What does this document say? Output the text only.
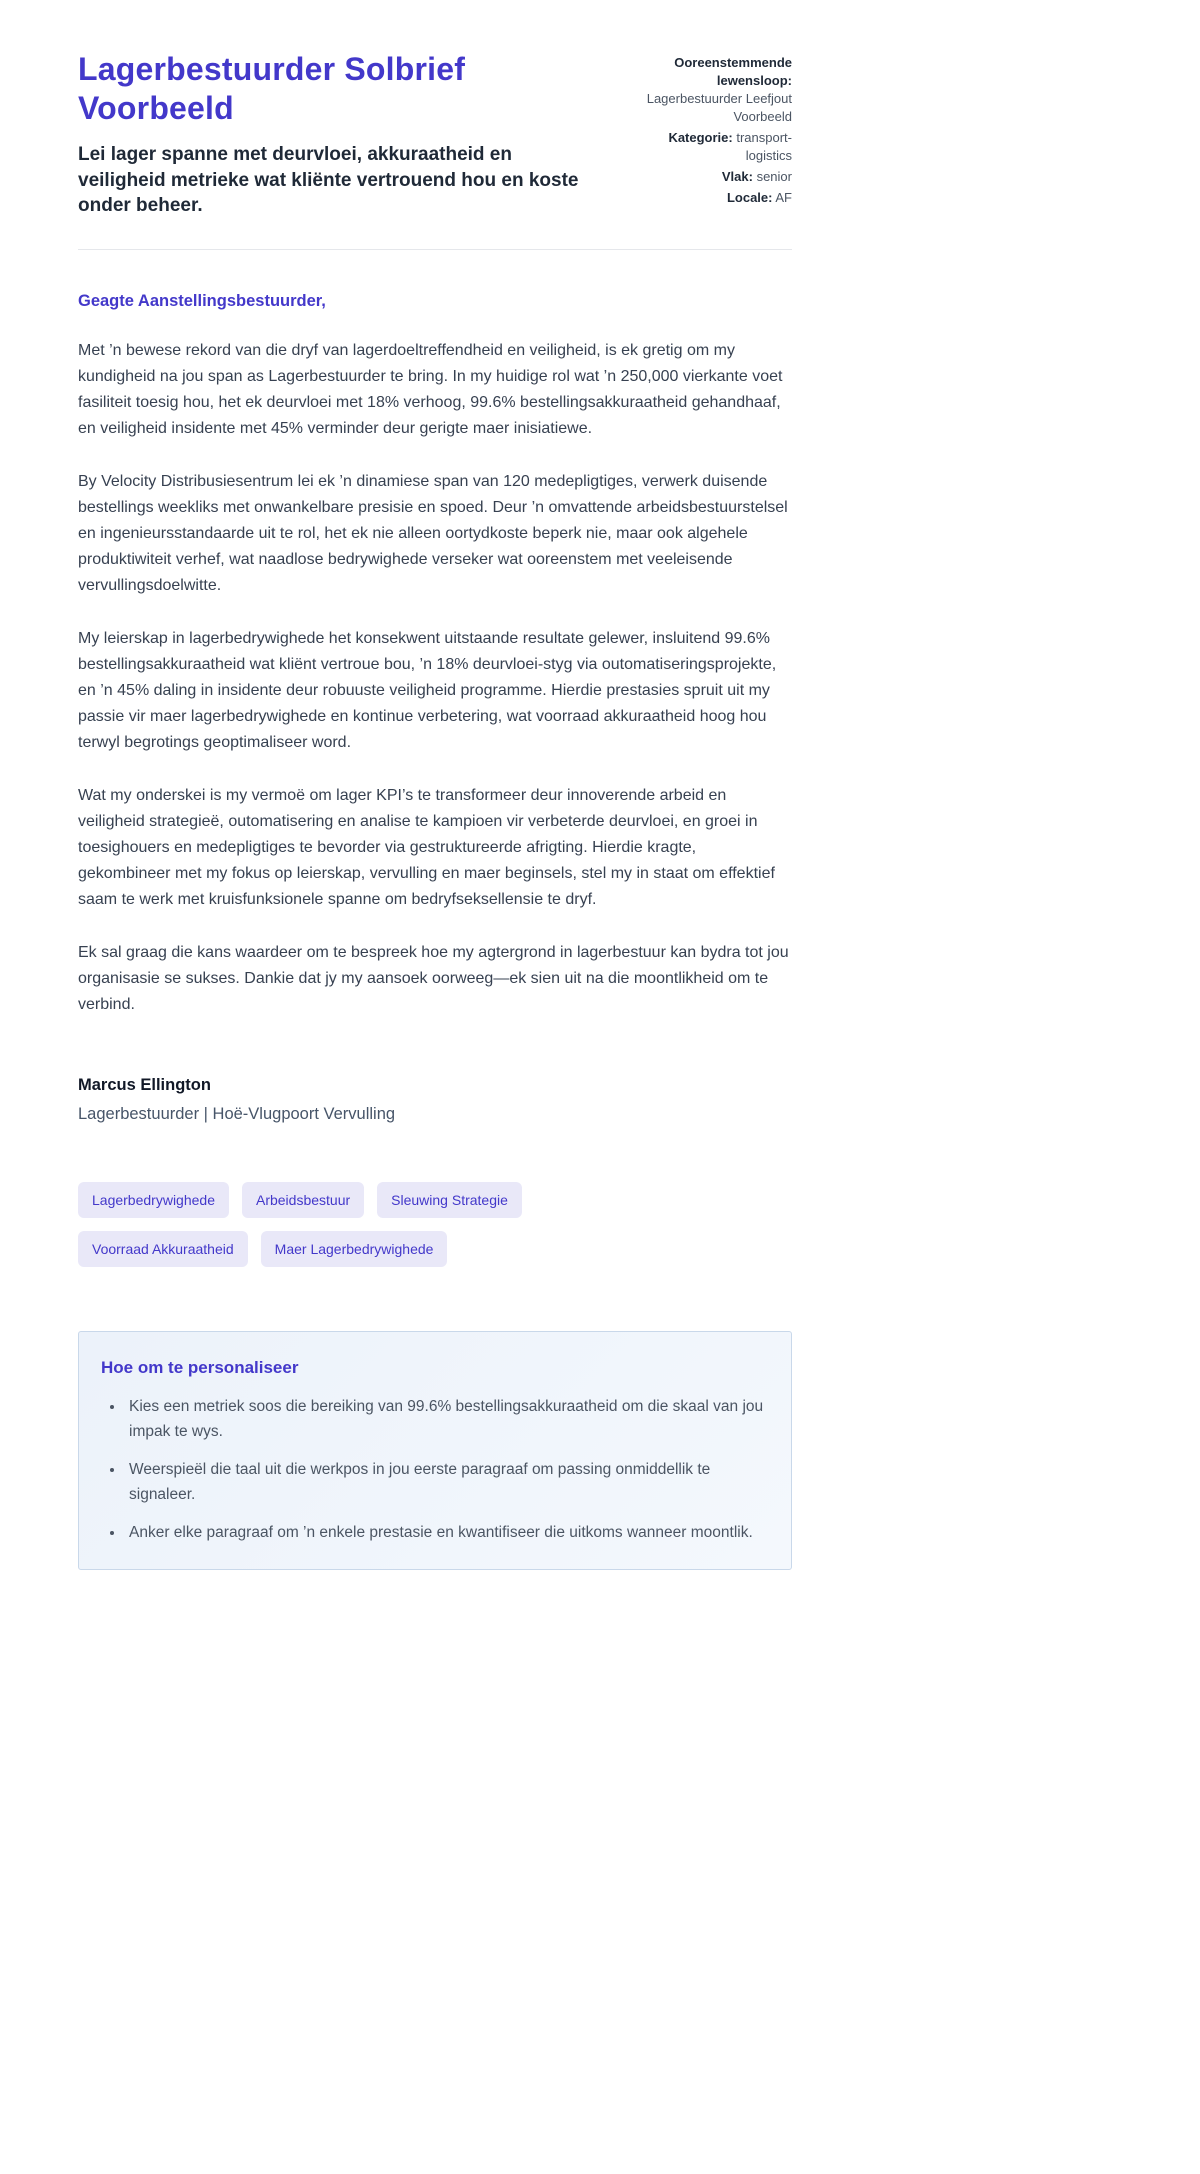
Lagerbestuurder Solbrief Voorbeeld
Lei lager spanne met deurvloei, akkuraatheid en veiligheid metrieke wat kliënte vertrouend hou en koste onder beheer.
Ooreenstemmende lewensloop: Lagerbestuurder Leefjout Voorbeeld
Kategorie: transport-logistics
Vlak: senior
Locale: AF
Geagte Aanstellingsbestuurder,

Met ’n bewese rekord van die dryf van lagerdoeltreffendheid en veiligheid, is ek gretig om my kundigheid na jou span as Lagerbestuurder te bring. In my huidige rol wat ’n 250,000 vierkante voet fasiliteit toesig hou, het ek deurvloei met 18% verhoog, 99.6% bestellingsakkuraatheid gehandhaaf, en veiligheid insidente met 45% verminder deur gerigte maer inisiatiewe.

By Velocity Distribusiesentrum lei ek ’n dinamiese span van 120 medepligtiges, verwerk duisende bestellings weekliks met onwankelbare presisie en spoed. Deur ’n omvattende arbeidsbestuurstelsel en ingenieursstandaarde uit te rol, het ek nie alleen oortydkoste beperk nie, maar ook algehele produktiwiteit verhef, wat naadlose bedrywighede verseker wat ooreenstem met veeleisende vervullingsdoelwitte.

My leierskap in lagerbedrywighede het konsekwent uitstaande resultate gelewer, insluitend 99.6% bestellingsakkuraatheid wat kliënt vertroue bou, ’n 18% deurvloei-styg via outomatiseringsprojekte, en ’n 45% daling in insidente deur robuuste veiligheid programme. Hierdie prestasies spruit uit my passie vir maer lagerbedrywighede en kontinue verbetering, wat voorraad akkuraatheid hoog hou terwyl begrotings geoptimaliseer word.

Wat my onderskei is my vermoë om lager KPI’s te transformeer deur innoverende arbeid en veiligheid strategieë, outomatisering en analise te kampioen vir verbeterde deurvloei, en groei in toesighouers en medepligtiges te bevorder via gestruktureerde afrigting. Hierdie kragte, gekombineer met my fokus op leierskap, vervulling en maer beginsels, stel my in staat om effektief saam te werk met kruisfunksionele spanne om bedryfseksellensie te dryf.

Ek sal graag die kans waardeer om te bespreek hoe my agtergrond in lagerbestuur kan bydra tot jou organisasie se sukses. Dankie dat jy my aansoek oorweeg—ek sien uit na die moontlikheid om te verbind.

Marcus Ellington
Lagerbestuurder | Hoë-Vlugpoort Vervulling
Lagerbedrywighede	Arbeidsbestuur	Sleuwing Strategie
Voorraad Akkuraatheid	Maer Lagerbedrywighede
Hoe om te personaliseer
• Kies een metriek soos die bereiking van 99.6% bestellingsakkuraatheid om die skaal van jou impak te wys.
• Weerspieël die taal uit die werkpos in jou eerste paragraaf om passing onmiddellik te signaleer.
• Anker elke paragraaf om ’n enkele prestasie en kwantifiseer die uitkoms wanneer moontlik.
